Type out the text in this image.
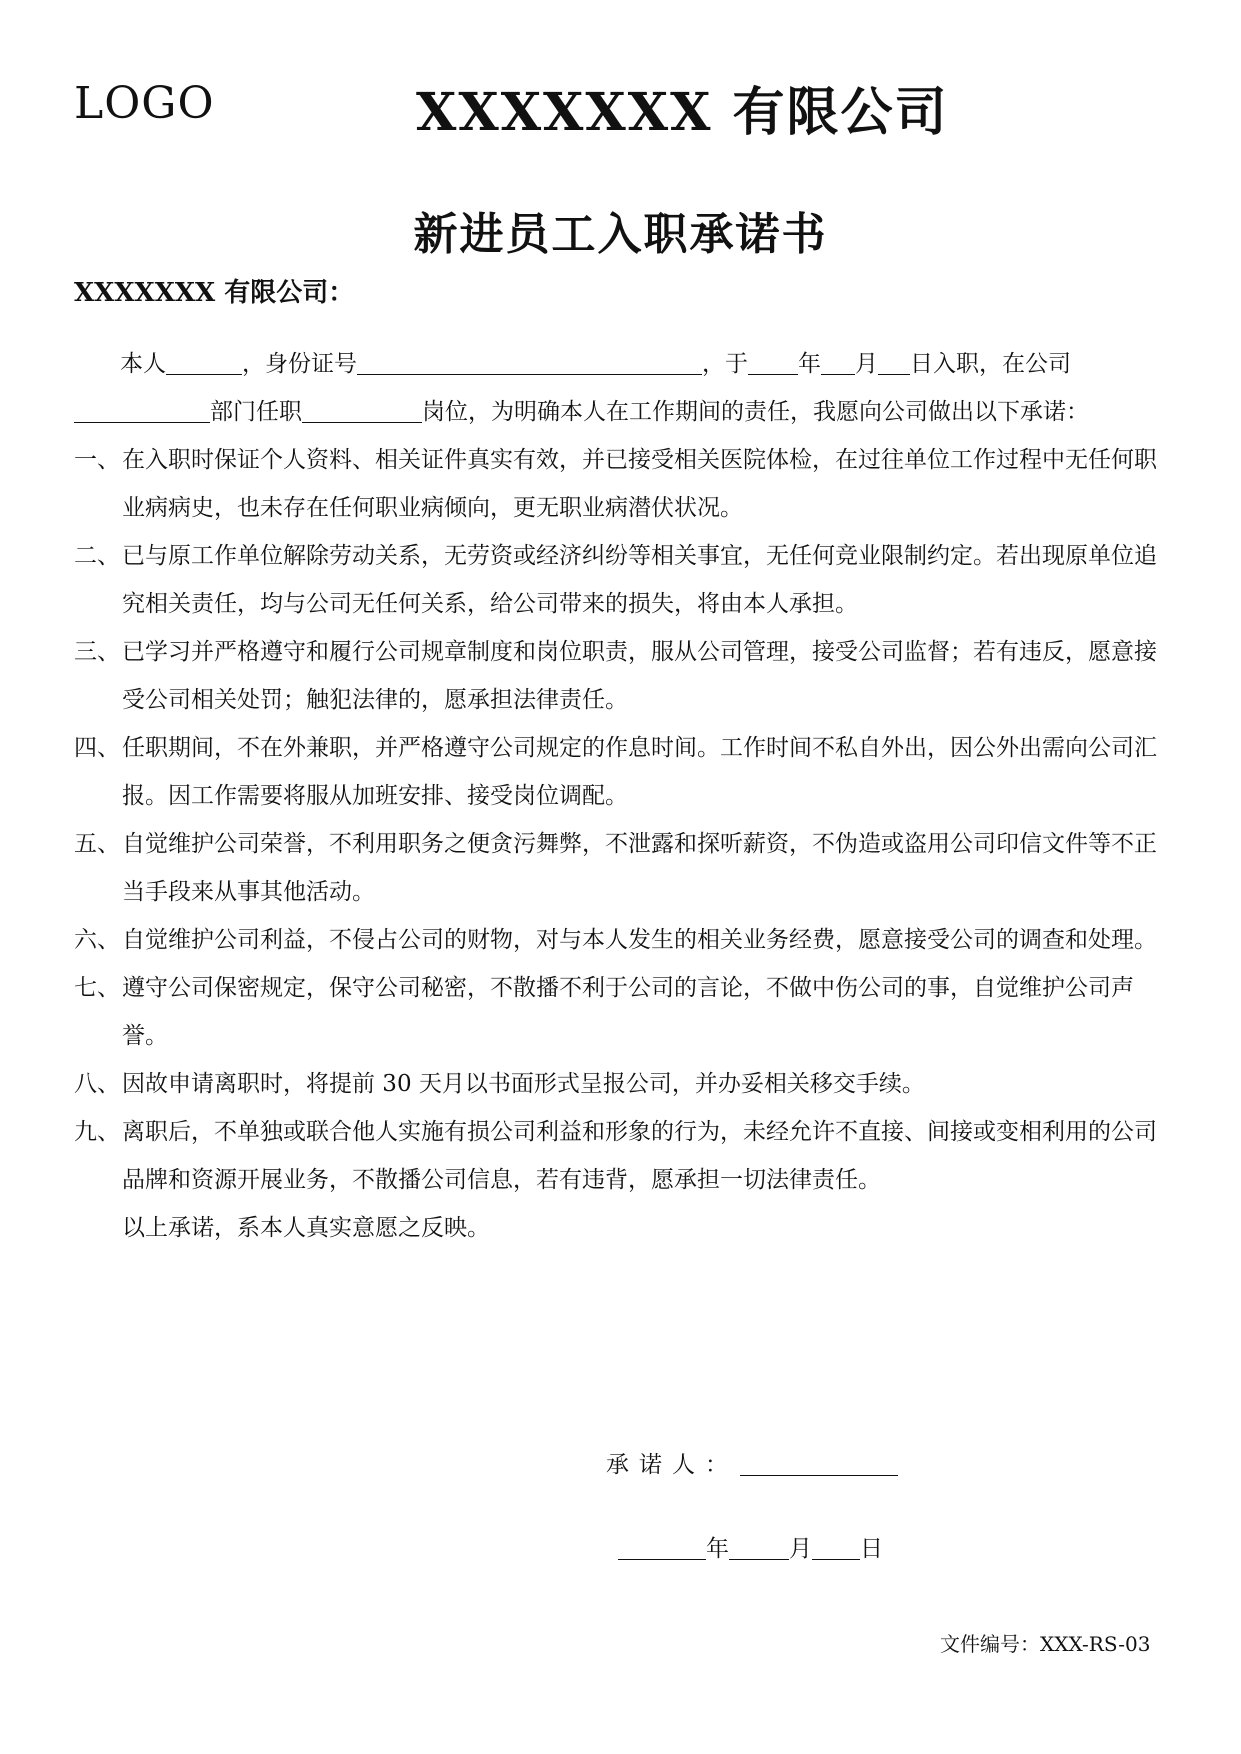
LOGO	XXXXXXX 有限公司
新进员工入职承诺书
XXXXXXX 有限公司：

本人	，身份证号	，于 年 月 日入职，在公司部门任职	岗位，为明确本人在工作期间的责任，我愿向公司做出以下承诺：

一、 在入职时保证个人资料、相关证件真实有效，并已接受相关医院体检，在过往单位工作过程中无任何职业病病史，也未存在任何职业病倾向，更无职业病潜伏状况。
二、 已与原工作单位解除劳动关系，无劳资或经济纠纷等相关事宜，无任何竞业限制约定。若出现原单位追究相关责任，均与公司无任何关系，给公司带来的损失，将由本人承担。
三、 已学习并严格遵守和履行公司规章制度和岗位职责，服从公司管理，接受公司监督；若有违反，愿意接受公司相关处罚；触犯法律的，愿承担法律责任。
四、 任职期间，不在外兼职，并严格遵守公司规定的作息时间。工作时间不私自外出，因公外出需向公司汇报。因工作需要将服从加班安排、接受岗位调配。
五、 自觉维护公司荣誉，不利用职务之便贪污舞弊，不泄露和探听薪资，不伪造或盗用公司印信文件等不正当手段来从事其他活动。
六、 自觉维护公司利益，不侵占公司的财物，对与本人发生的相关业务经费，愿意接受公司的调查和处理。
七、 遵守公司保密规定，保守公司秘密，不散播不利于公司的言论，不做中伤公司的事，自觉维护公司声誉。
八、 因故申请离职时，将提前 30 天月以书面形式呈报公司，并办妥相关移交手续。
九、 离职后，不单独或联合他人实施有损公司利益和形象的行为，未经允许不直接、间接或变相利用的公司品牌和资源开展业务，不散播公司信息，若有违背，愿承担一切法律责任。

以上承诺，系本人真实意愿之反映。

承诺人：
年	月 日
文件编号：XXX-RS-03
